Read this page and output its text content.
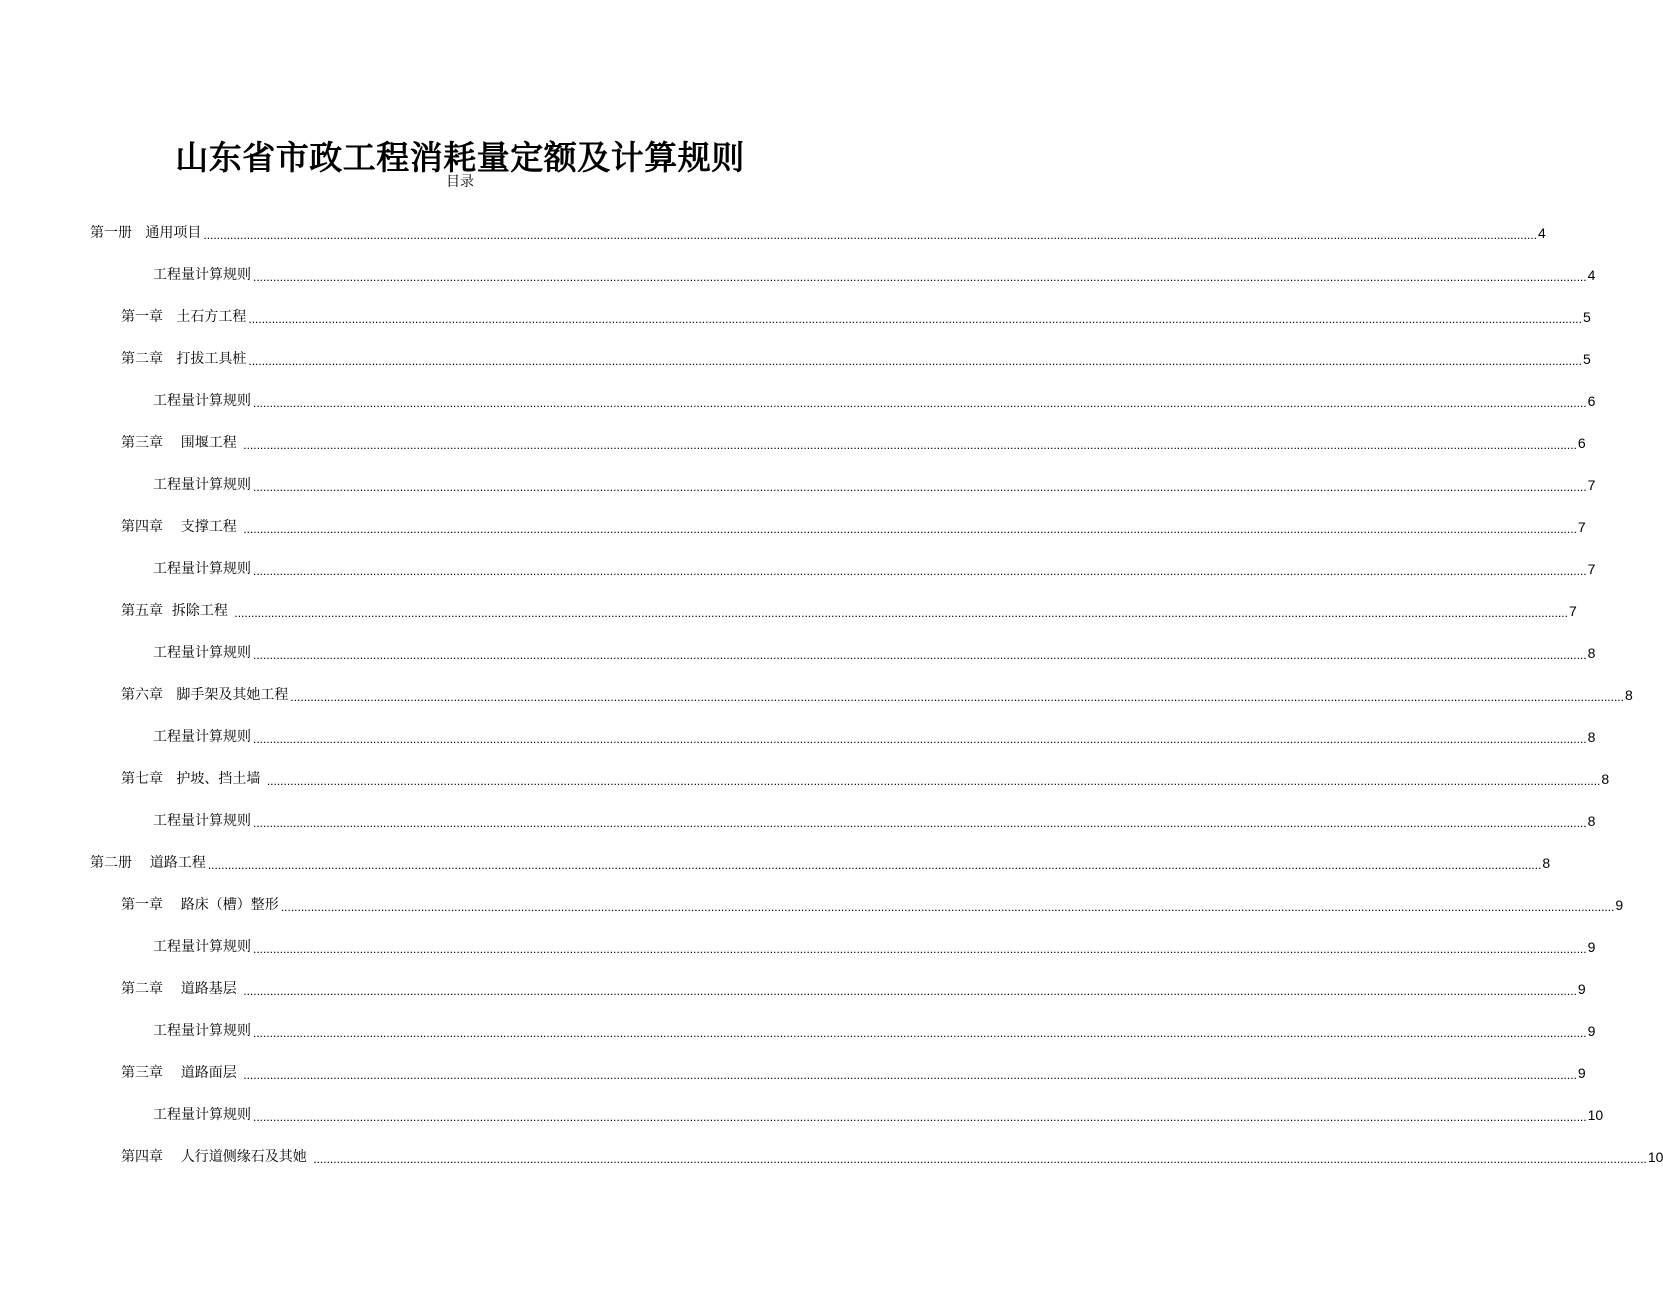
山东省市政工程消耗量定额及计算规则
目录
第一册   通用项目 ................................................................................................................................................................................................................................................................................................................................................................................................................ 4
工程量计算规则 ................................................................................................................................................................................................................................................................................................................................................................................................................ 4
第一章   土石方工程 ................................................................................................................................................................................................................................................................................................................................................................................................................ 5
第二章   打拔工具桩 ................................................................................................................................................................................................................................................................................................................................................................................................................ 5
工程量计算规则 ................................................................................................................................................................................................................................................................................................................................................................................................................ 6
第三章    围堰工程 ................................................................................................................................................................................................................................................................................................................................................................................................................ 6
工程量计算规则 ................................................................................................................................................................................................................................................................................................................................................................................................................ 7
第四章    支撑工程 ................................................................................................................................................................................................................................................................................................................................................................................................................ 7
工程量计算规则 ................................................................................................................................................................................................................................................................................................................................................................................................................ 7
第五章  拆除工程 ................................................................................................................................................................................................................................................................................................................................................................................................................ 7
工程量计算规则 ................................................................................................................................................................................................................................................................................................................................................................................................................ 8
第六章   脚手架及其她工程 ................................................................................................................................................................................................................................................................................................................................................................................................................ 8
工程量计算规则 ................................................................................................................................................................................................................................................................................................................................................................................................................ 8
第七章   护坡、挡土墙 ................................................................................................................................................................................................................................................................................................................................................................................................................ 8
工程量计算规则 ................................................................................................................................................................................................................................................................................................................................................................................................................ 8
第二册    道路工程 ................................................................................................................................................................................................................................................................................................................................................................................................................ 8
第一章    路床（槽）整形 ................................................................................................................................................................................................................................................................................................................................................................................................................ 9
工程量计算规则 ................................................................................................................................................................................................................................................................................................................................................................................................................ 9
第二章    道路基层 ................................................................................................................................................................................................................................................................................................................................................................................................................ 9
工程量计算规则 ................................................................................................................................................................................................................................................................................................................................................................................................................ 9
第三章    道路面层 ................................................................................................................................................................................................................................................................................................................................................................................................................ 9
工程量计算规则 ................................................................................................................................................................................................................................................................................................................................................................................................................ 10
第四章    人行道侧缘石及其她 ................................................................................................................................................................................................................................................................................................................................................................................................................ 10
